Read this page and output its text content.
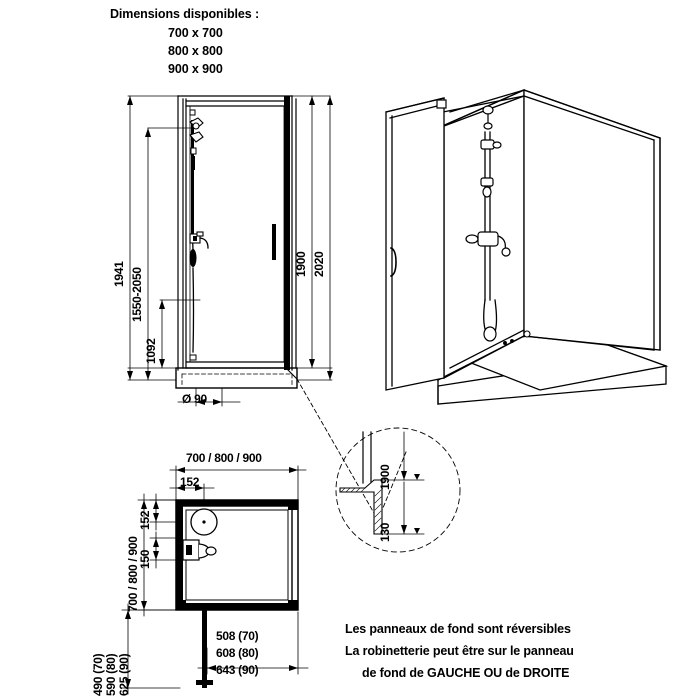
Dimensions disponibles :
700 x 700
800 x 800
900 x 900
1941 1550-2050
1092
1900 2020
Ø 90
1900
130
700 / 800 / 900
152
152
150
700 / 800 / 900
490 (70) 590 (80) 625 (90)
508 (70)
608 (80)
643 (90)
Les panneaux de fond sont réversibles
La robinetterie peut être sur le panneau
de fond de GAUCHE OU de DROITE
